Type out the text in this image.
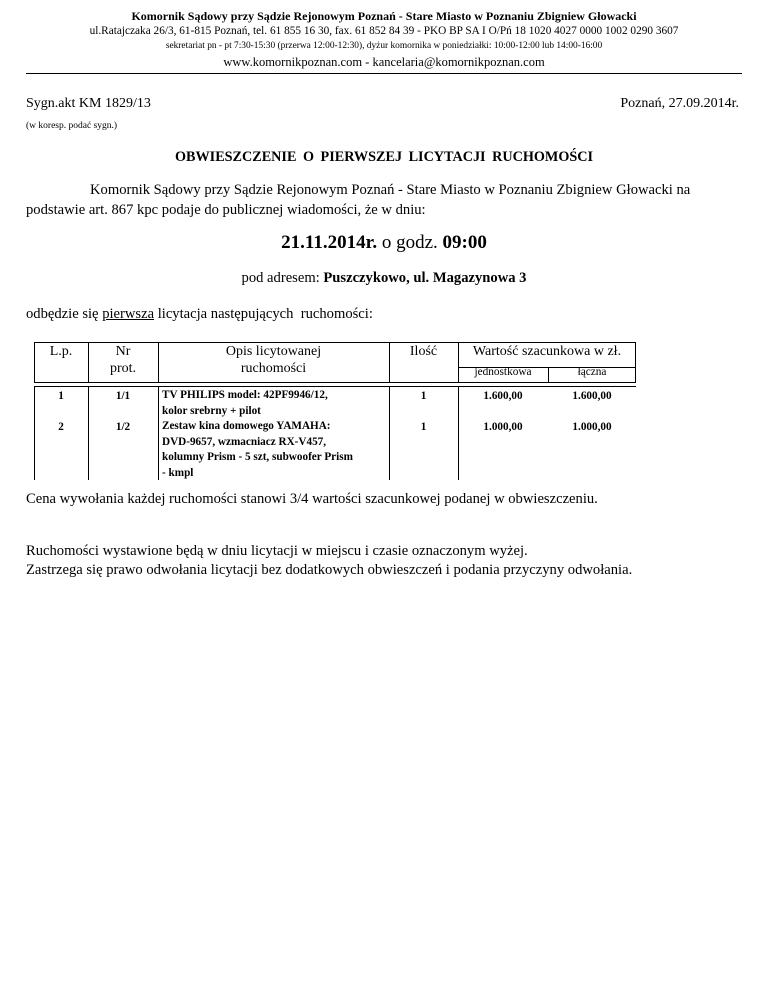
Komornik Sądowy przy Sądzie Rejonowym Poznań - Stare Miasto w Poznaniu Zbigniew Głowacki
ul.Ratajczaka 26/3, 61-815 Poznań, tel. 61 855 16 30, fax. 61 852 84 39 - PKO BP SA I O/Pń 18 1020 4027 0000 1002 0290 3607
sekretariat pn - pt 7:30-15:30 (przerwa 12:00-12:30), dyżur komornika w poniedziałki: 10:00-12:00 lub 14:00-16:00
www.komornikpoznan.com - kancelaria@komornikpoznan.com
Sygn.akt KM 1829/13	Poznań, 27.09.2014r.
(w koresp. podać sygn.)
OBWIESZCZENIE O PIERWSZEJ LICYTACJI RUCHOMOŚCI
Komornik Sądowy przy Sądzie Rejonowym Poznań - Stare Miasto w Poznaniu Zbigniew Głowacki na podstawie art. 867 kpc podaje do publicznej wiadomości, że w dniu:
21.11.2014r. o godz. 09:00
pod adresem: Puszczykowo, ul. Magazynowa 3
odbędzie się pierwsza licytacja następujących  ruchomości:
L.p.	Nr
prot.
Opis licytowanej
ruchomości
Ilość	Wartość szacunkowa w zł.
jednostkowa	łączna
1	1/1	TV PHILIPS model: 42PF9946/12,
kolor srebrny + pilot
1	1.600,00	1.600,00
2	1/2	Zestaw kina domowego YAMAHA:
DVD-9657, wzmacniacz RX-V457,
kolumny Prism - 5 szt, subwoofer Prism
- kmpl
1	1.000,00	1.000,00
Cena wywołania każdej ruchomości stanowi 3/4 wartości szacunkowej podanej w obwieszczeniu.
Ruchomości wystawione będą w dniu licytacji w miejscu i czasie oznaczonym wyżej.
Zastrzega się prawo odwołania licytacji bez dodatkowych obwieszczeń i podania przyczyny odwołania.
